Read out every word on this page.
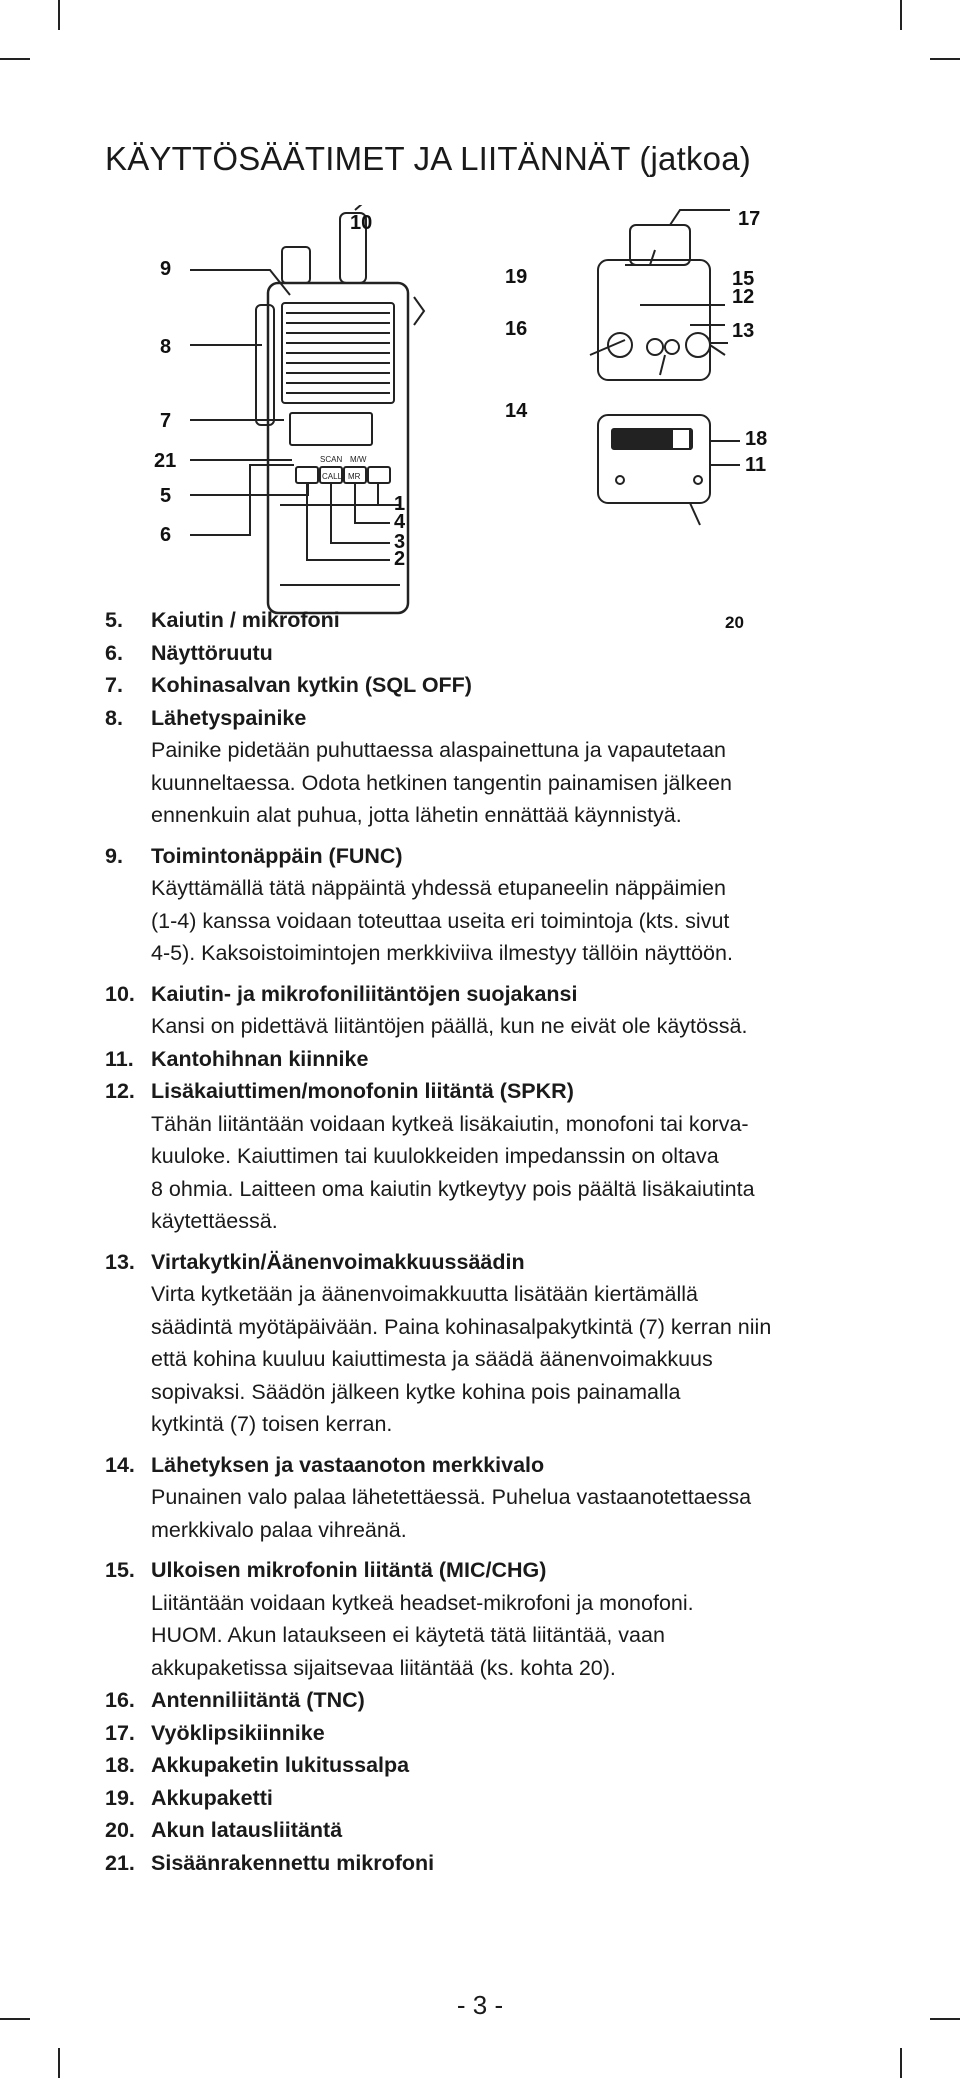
KÄYTTÖSÄÄTIMET JA LIITÄNNÄT (jatkoa)
SCAN M/W
CALL MR
10
9
8
7
21
5
6
1
4
3
2
17
19	15
12
16	13
14
18
11
20
5.	Kaiutin / mikrofoni
6.	Näyttöruutu
7.	Kohinasalvan kytkin (SQL OFF)
8.	Lähetyspainike
Painike pidetään puhuttaessa alaspainettuna ja vapautetaan
kuunneltaessa. Odota hetkinen tangentin painamisen jälkeen
ennenkuin alat puhua, jotta lähetin ennättää käynnistyä.
9.	Toimintonäppäin (FUNC)
Käyttämällä tätä näppäintä yhdessä etupaneelin näppäimien
(1-4) kanssa voidaan toteuttaa useita eri toimintoja (kts. sivut
4-5). Kaksoistoimintojen merkkiviiva ilmestyy tällöin näyttöön.
10. Kaiutin- ja mikrofoniliitäntöjen suojakansi
Kansi on pidettävä liitäntöjen päällä, kun ne eivät ole käytössä.
11. Kantohihnan kiinnike
12. Lisäkaiuttimen/monofonin liitäntä (SPKR)
Tähän liitäntään voidaan kytkeä lisäkaiutin, monofoni tai korva-
kuuloke. Kaiuttimen tai kuulokkeiden impedanssin on oltava
8 ohmia. Laitteen oma kaiutin kytkeytyy pois päältä lisäkaiutinta
käytettäessä.
13. Virtakytkin/Äänenvoimakkuussäädin
Virta kytketään ja äänenvoimakkuutta lisätään kiertämällä
säädintä myötäpäivään. Paina kohinasalpakytkintä (7) kerran niin
että kohina kuuluu kaiuttimesta ja säädä äänenvoimakkuus
sopivaksi. Säädön jälkeen kytke kohina pois painamalla
kytkintä (7) toisen kerran.
14. Lähetyksen ja vastaanoton merkkivalo
Punainen valo palaa lähetettäessä. Puhelua vastaanotettaessa
merkkivalo palaa vihreänä.
15. Ulkoisen mikrofonin liitäntä (MIC/CHG)
Liitäntään voidaan kytkeä headset-mikrofoni ja monofoni.
HUOM. Akun lataukseen ei käytetä tätä liitäntää, vaan
akkupaketissa sijaitsevaa liitäntää (ks. kohta 20).
16. Antenniliitäntä (TNC)
17. Vyöklipsikiinnike
18. Akkupaketin lukitussalpa
19. Akkupaketti
20. Akun latausliitäntä
21. Sisäänrakennettu mikrofoni
- 3 -
